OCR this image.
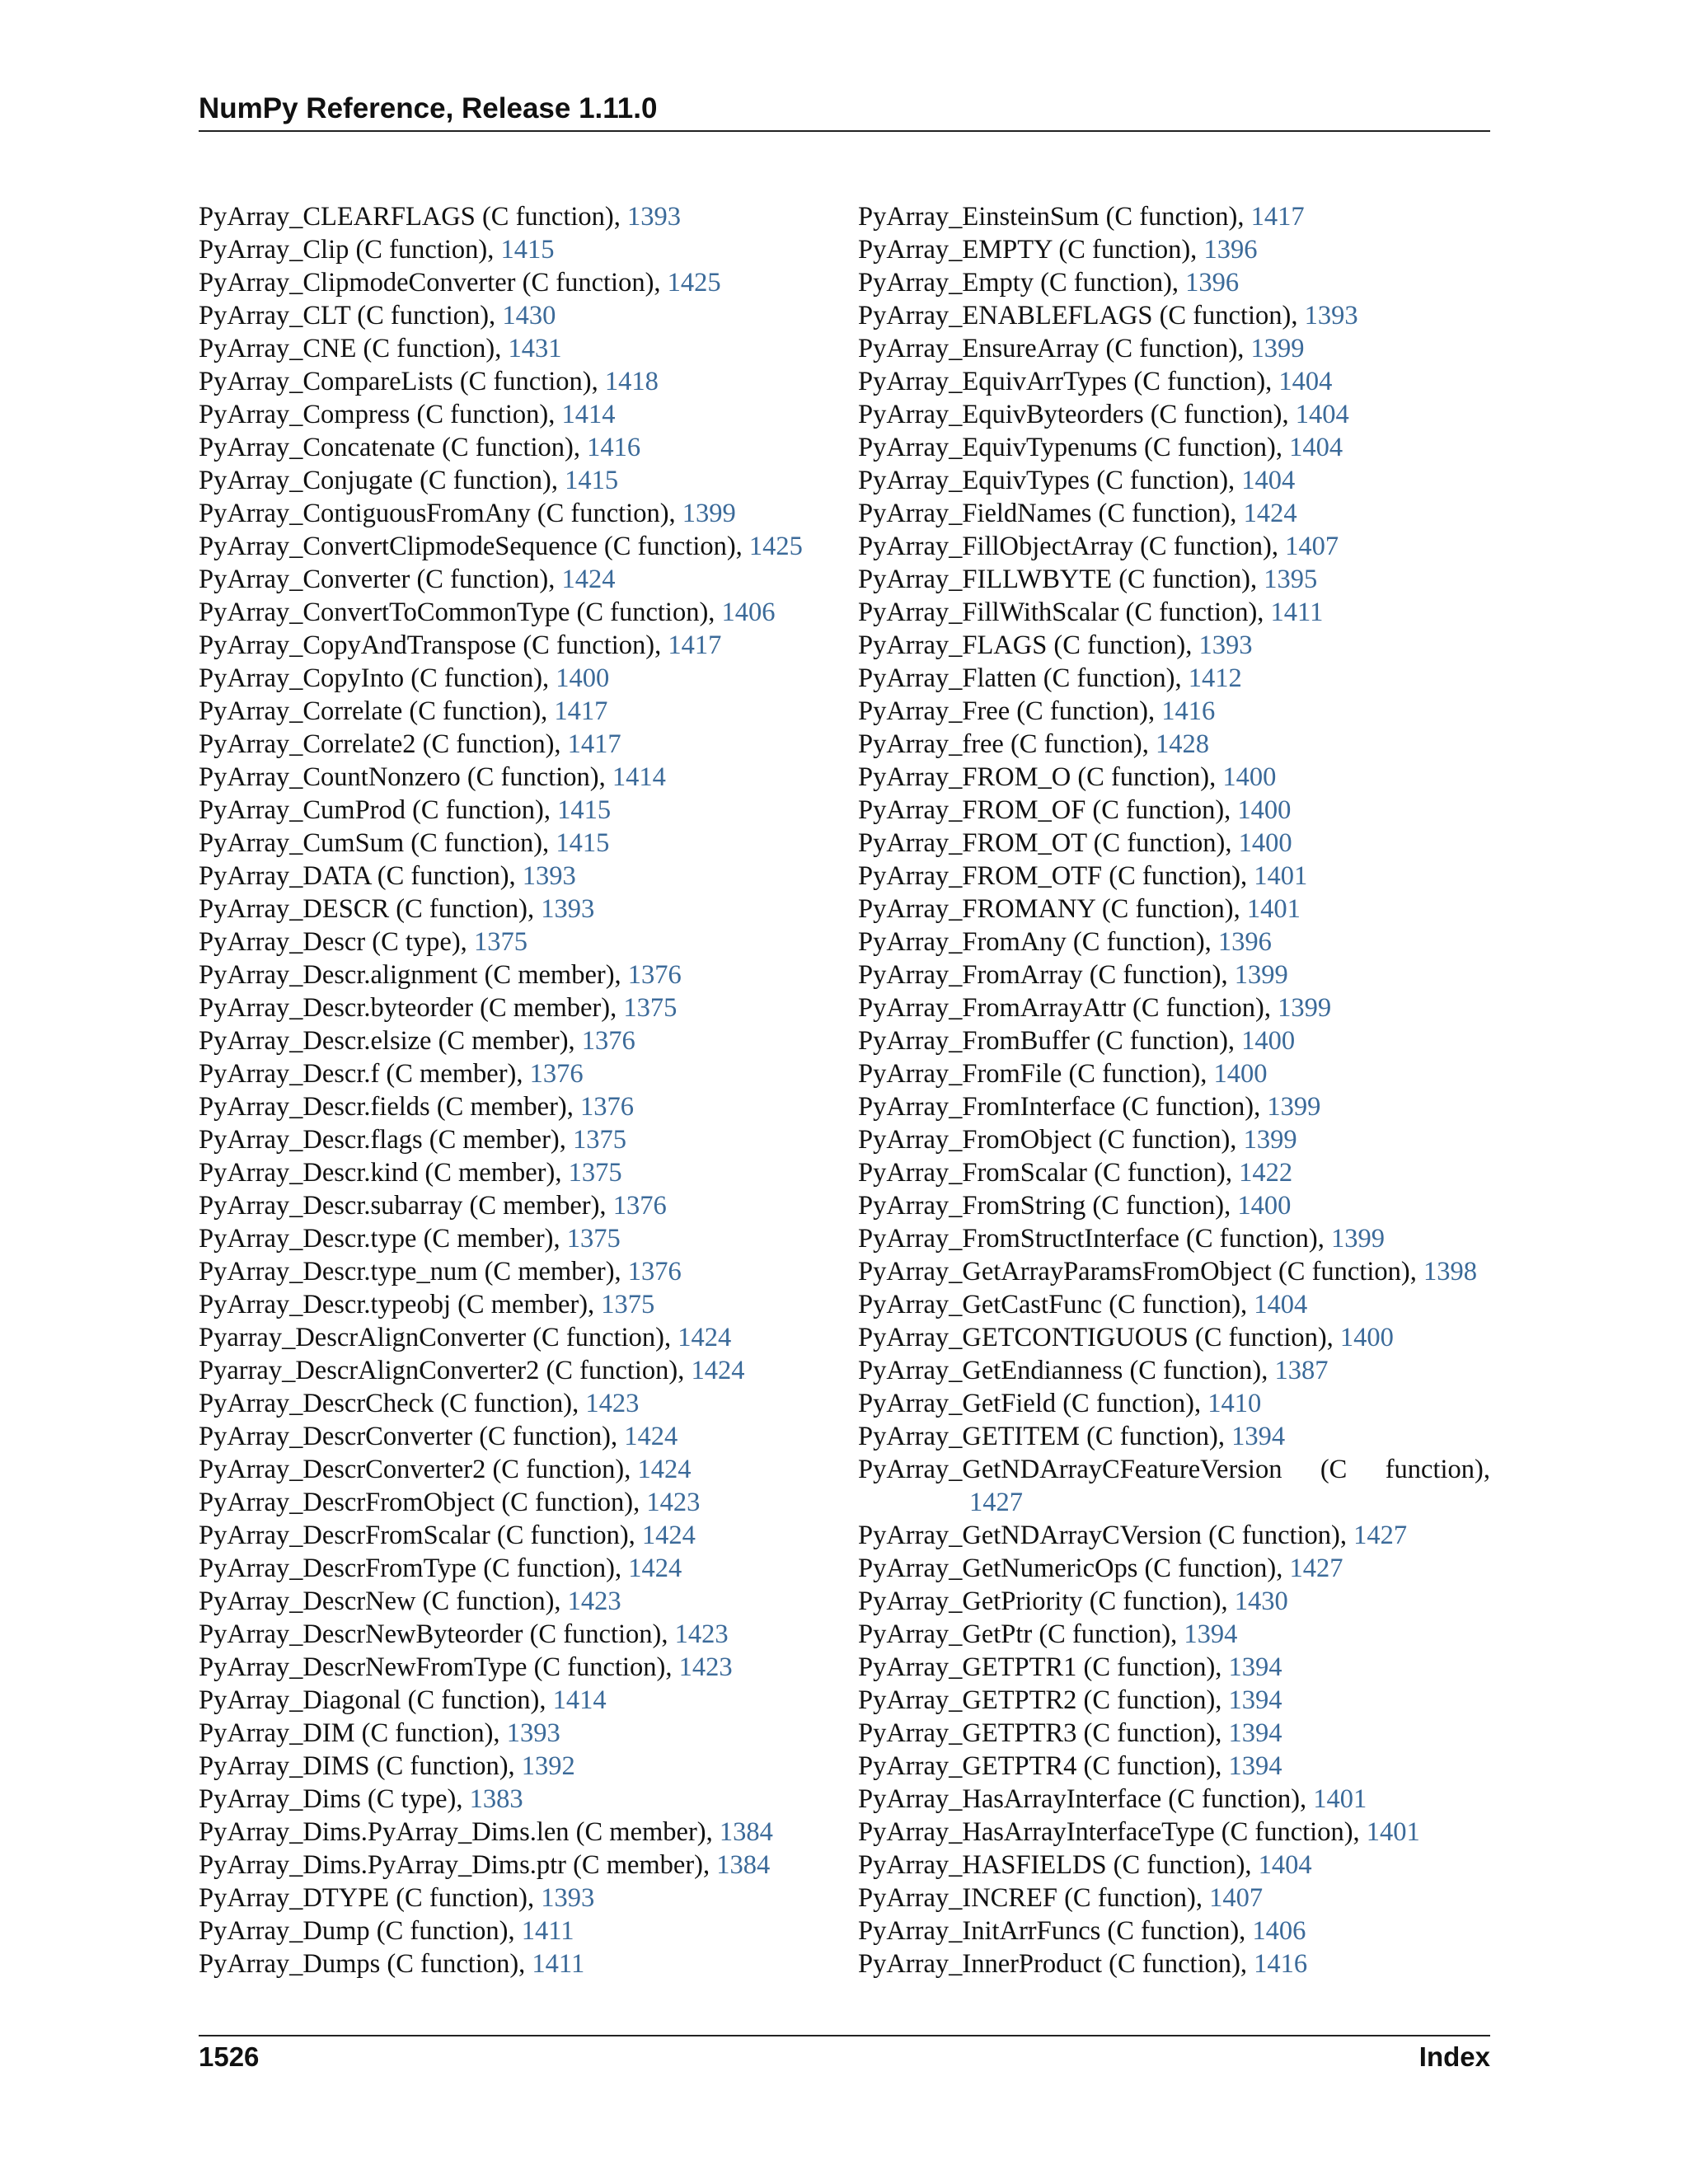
NumPy Reference, Release 1.11.0
PyArray_CLEARFLAGS (C function), 1393
PyArray_Clip (C function), 1415
PyArray_ClipmodeConverter (C function), 1425
PyArray_CLT (C function), 1430
PyArray_CNE (C function), 1431
PyArray_CompareLists (C function), 1418
PyArray_Compress (C function), 1414
PyArray_Concatenate (C function), 1416
PyArray_Conjugate (C function), 1415
PyArray_ContiguousFromAny (C function), 1399
PyArray_ConvertClipmodeSequence (C function), 1425
PyArray_Converter (C function), 1424
PyArray_ConvertToCommonType (C function), 1406
PyArray_CopyAndTranspose (C function), 1417
PyArray_CopyInto (C function), 1400
PyArray_Correlate (C function), 1417
PyArray_Correlate2 (C function), 1417
PyArray_CountNonzero (C function), 1414
PyArray_CumProd (C function), 1415
PyArray_CumSum (C function), 1415
PyArray_DATA (C function), 1393
PyArray_DESCR (C function), 1393
PyArray_Descr (C type), 1375
PyArray_Descr.alignment (C member), 1376
PyArray_Descr.byteorder (C member), 1375
PyArray_Descr.elsize (C member), 1376
PyArray_Descr.f (C member), 1376
PyArray_Descr.fields (C member), 1376
PyArray_Descr.flags (C member), 1375
PyArray_Descr.kind (C member), 1375
PyArray_Descr.subarray (C member), 1376
PyArray_Descr.type (C member), 1375
PyArray_Descr.type_num (C member), 1376
PyArray_Descr.typeobj (C member), 1375
Pyarray_DescrAlignConverter (C function), 1424
Pyarray_DescrAlignConverter2 (C function), 1424
PyArray_DescrCheck (C function), 1423
PyArray_DescrConverter (C function), 1424
PyArray_DescrConverter2 (C function), 1424
PyArray_DescrFromObject (C function), 1423
PyArray_DescrFromScalar (C function), 1424
PyArray_DescrFromType (C function), 1424
PyArray_DescrNew (C function), 1423
PyArray_DescrNewByteorder (C function), 1423
PyArray_DescrNewFromType (C function), 1423
PyArray_Diagonal (C function), 1414
PyArray_DIM (C function), 1393
PyArray_DIMS (C function), 1392
PyArray_Dims (C type), 1383
PyArray_Dims.PyArray_Dims.len (C member), 1384
PyArray_Dims.PyArray_Dims.ptr (C member), 1384
PyArray_DTYPE (C function), 1393
PyArray_Dump (C function), 1411
PyArray_Dumps (C function), 1411
PyArray_EinsteinSum (C function), 1417
PyArray_EMPTY (C function), 1396
PyArray_Empty (C function), 1396
PyArray_ENABLEFLAGS (C function), 1393
PyArray_EnsureArray (C function), 1399
PyArray_EquivArrTypes (C function), 1404
PyArray_EquivByteorders (C function), 1404
PyArray_EquivTypenums (C function), 1404
PyArray_EquivTypes (C function), 1404
PyArray_FieldNames (C function), 1424
PyArray_FillObjectArray (C function), 1407
PyArray_FILLWBYTE (C function), 1395
PyArray_FillWithScalar (C function), 1411
PyArray_FLAGS (C function), 1393
PyArray_Flatten (C function), 1412
PyArray_Free (C function), 1416
PyArray_free (C function), 1428
PyArray_FROM_O (C function), 1400
PyArray_FROM_OF (C function), 1400
PyArray_FROM_OT (C function), 1400
PyArray_FROM_OTF (C function), 1401
PyArray_FROMANY (C function), 1401
PyArray_FromAny (C function), 1396
PyArray_FromArray (C function), 1399
PyArray_FromArrayAttr (C function), 1399
PyArray_FromBuffer (C function), 1400
PyArray_FromFile (C function), 1400
PyArray_FromInterface (C function), 1399
PyArray_FromObject (C function), 1399
PyArray_FromScalar (C function), 1422
PyArray_FromString (C function), 1400
PyArray_FromStructInterface (C function), 1399
PyArray_GetArrayParamsFromObject (C function), 1398
PyArray_GetCastFunc (C function), 1404
PyArray_GETCONTIGUOUS (C function), 1400
PyArray_GetEndianness (C function), 1387
PyArray_GetField (C function), 1410
PyArray_GETITEM (C function), 1394
PyArray_GetNDArrayCFeatureVersion (C function),
1427
PyArray_GetNDArrayCVersion (C function), 1427
PyArray_GetNumericOps (C function), 1427
PyArray_GetPriority (C function), 1430
PyArray_GetPtr (C function), 1394
PyArray_GETPTR1 (C function), 1394
PyArray_GETPTR2 (C function), 1394
PyArray_GETPTR3 (C function), 1394
PyArray_GETPTR4 (C function), 1394
PyArray_HasArrayInterface (C function), 1401
PyArray_HasArrayInterfaceType (C function), 1401
PyArray_HASFIELDS (C function), 1404
PyArray_INCREF (C function), 1407
PyArray_InitArrFuncs (C function), 1406
PyArray_InnerProduct (C function), 1416
1526	Index
